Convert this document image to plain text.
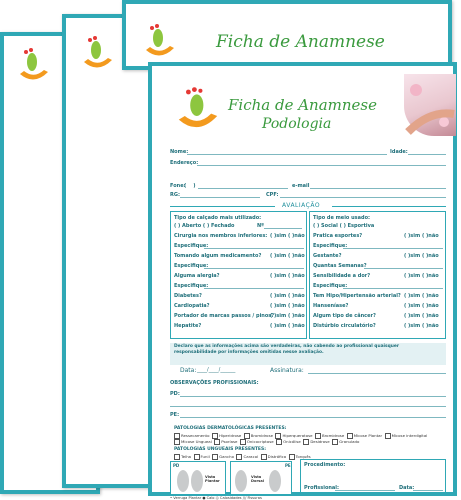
Ficha de Anamnese
Ficha de Anamnese
Podologia
Nome:	Idade:
Endereço:
Fone:
(    )	e-mail
RG:	CPF:
AVALIAÇÃO
Tipo de calçado mais utilizado:
( ) Aberto ( ) Fechado	Nº
Cirurgia nos membros inferiores: ( )sim ( )não
Especifique:
Tomando algum medicamento? ( )sim ( )não
Especifique:
Alguma alergia?	( )sim ( )não
Especifique:
Diabetes?	( )sim ( )não
Cardiopatia?	( )sim ( )não
Portador de marcas passos / pinos?
( )sim ( )não
Hepatite?	( )sim ( )não
Tipo de meio usado:
( ) Social ( ) Esportiva
Pratica esportes?	( )sim ( )não
Especifique:
Gestante?	( )sim ( )não
Quantas Semanas?
Sensibilidade a dor?	( )sim ( )não
Especifique:
Tem Hipo/Hipertensão arterial? ( )sim ( )não
Hanseníase?	( )sim ( )não
Algum tipo de câncer?	( )sim ( )não
Distúrbio circulatório?	( )sim ( )não
Declaro que as informações acima são verdadeiras, não cabendo ao profissional quaisquer responsabilidade por informações omitidas nesse avaliação.
Data: ____/____/______	Assinatura:
OBSERVAÇÕES PROFISSIONAIS:
PD:
PE:
PATOLOGIAS DERMATOLÓGICAS PRESENTES:
Ressecamento Hiperidrose Bromidrose Hiperqueratose Bromidrose Micose Plantar Micose interdigital
Micose Ungueal Psoríase Onicocriptose Onicólise Desidrose Granulado
PATOLOGIAS UNGUEAIS PRESENTES:
Telha Funil Gancho Caracol Distrófica Torquês
PD
Vista Plantar
PE
Vista Dorsal
• Verruga Plantar ● Calo ◎ Calosidades /// Fissuras
Procedimento:
Profissional:	Data:
